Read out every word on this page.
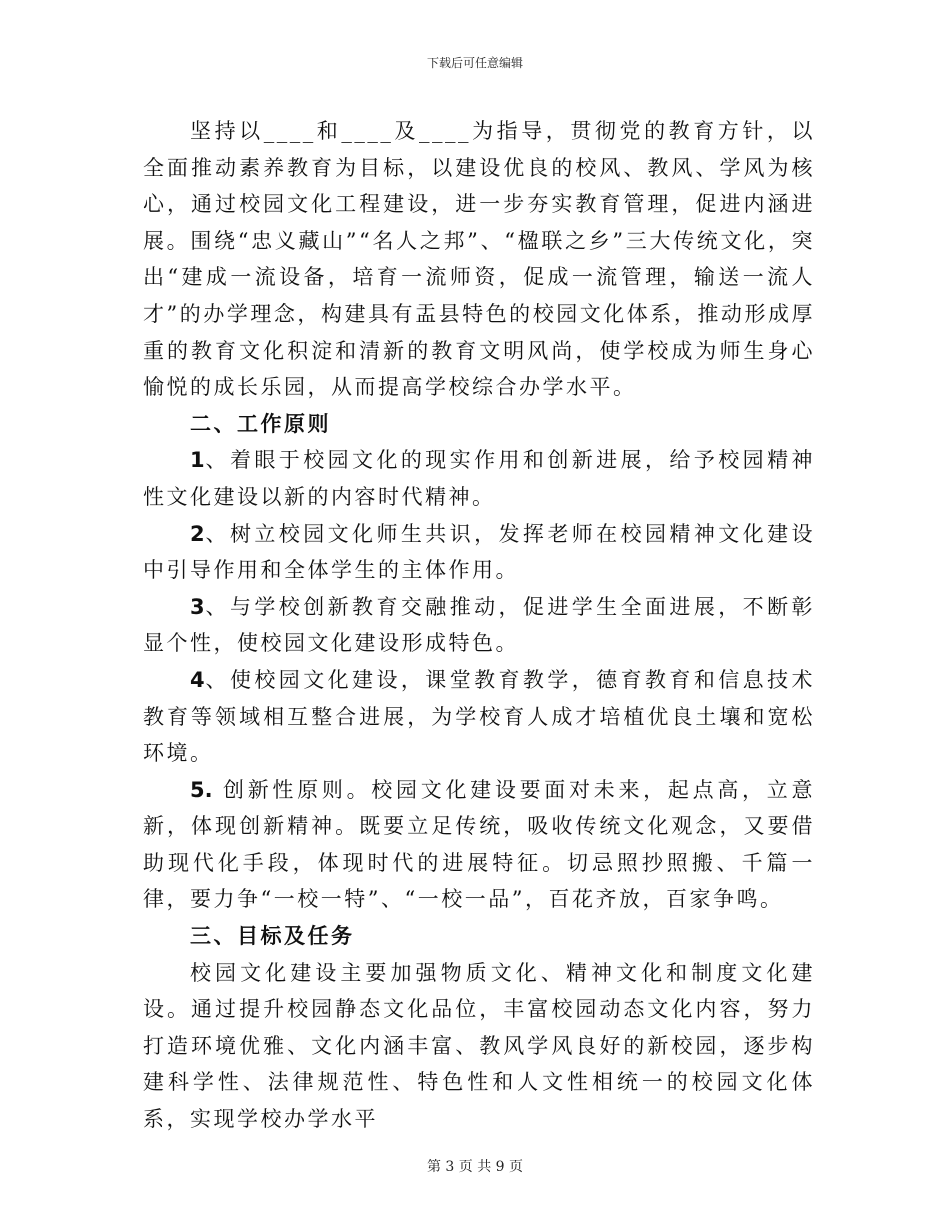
下载后可任意编辑

坚持以____和____及____为指导，贯彻党的教育方针，以全面推动素养教育为目标，以建设优良的校风、教风、学风为核心，通过校园文化工程建设，进一步夯实教育管理，促进内涵进展。围绕“忠义藏山”“名人之邦”、“楹联之乡”三大传统文化，突出“建成一流设备，培育一流师资，促成一流管理，输送一流人才”的办学理念，构建具有盂县特色的校园文化体系，推动形成厚重的教育文化积淀和清新的教育文明风尚，使学校成为师生身心愉悦的成长乐园，从而提高学校综合办学水平。

二、工作原则

1、着眼于校园文化的现实作用和创新进展，给予校园精神性文化建设以新的内容时代精神。

2、树立校园文化师生共识，发挥老师在校园精神文化建设中引导作用和全体学生的主体作用。

3、与学校创新教育交融推动，促进学生全面进展，不断彰显个性，使校园文化建设形成特色。

4、使校园文化建设，课堂教育教学，德育教育和信息技术教育等领域相互整合进展，为学校育人成才培植优良土壤和宽松环境。

5. 创新性原则。校园文化建设要面对未来，起点高，立意新，体现创新精神。既要立足传统，吸收传统文化观念，又要借助现代化手段，体现时代的进展特征。切忌照抄照搬、千篇一律，要力争“一校一特”、“一校一品”，百花齐放，百家争鸣。

三、目标及任务

校园文化建设主要加强物质文化、精神文化和制度文化建设。通过提升校园静态文化品位，丰富校园动态文化内容，努力打造环境优雅、文化内涵丰富、教风学风良好的新校园，逐步构建科学性、法律规范性、特色性和人文性相统一的校园文化体系，实现学校办学水平

第 3 页 共 9 页
